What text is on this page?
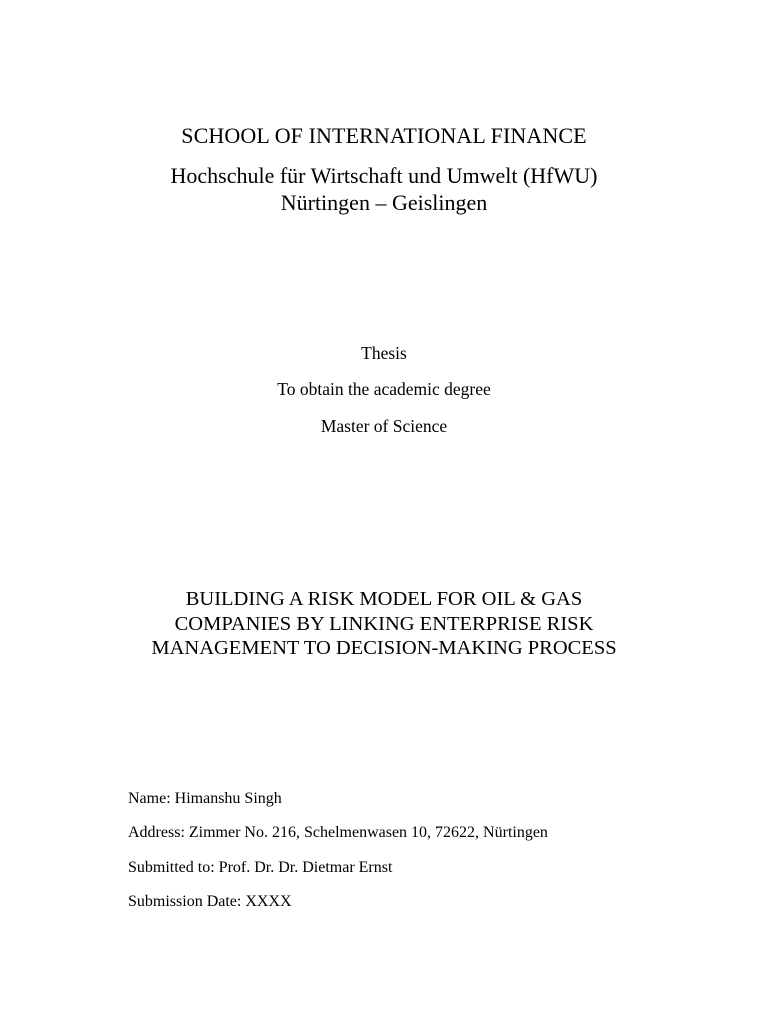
SCHOOL OF INTERNATIONAL FINANCE
Hochschule für Wirtschaft und Umwelt (HfWU)
Nürtingen – Geislingen
Thesis
To obtain the academic degree
Master of Science
BUILDING A RISK MODEL FOR OIL & GAS
COMPANIES BY LINKING ENTERPRISE RISK
MANAGEMENT TO DECISION-MAKING PROCESS
Name: Himanshu Singh
Address: Zimmer No. 216, Schelmenwasen 10, 72622, Nürtingen
Submitted to: Prof. Dr. Dr. Dietmar Ernst
Submission Date: XXXX
